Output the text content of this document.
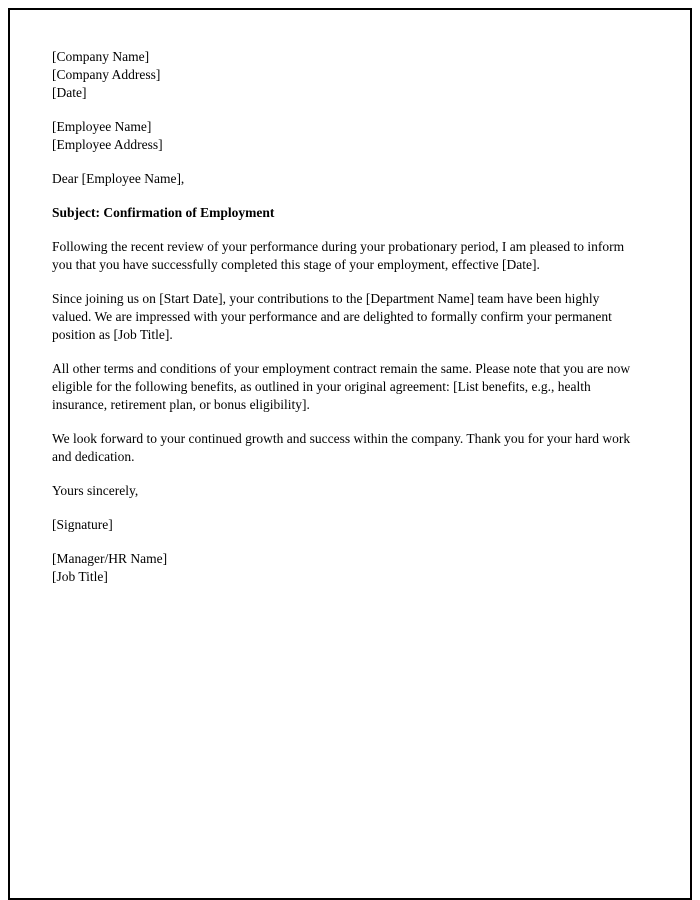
[Company Name]
[Company Address]
[Date]
[Employee Name]
[Employee Address]
Dear [Employee Name],
Subject: Confirmation of Employment

Following the recent review of your performance during your probationary period, I am pleased to inform you that you have successfully completed this stage of your employment, effective [Date].

Since joining us on [Start Date], your contributions to the [Department Name] team have been highly valued. We are impressed with your performance and are delighted to formally confirm your permanent position as [Job Title].

All other terms and conditions of your employment contract remain the same. Please note that you are now eligible for the following benefits, as outlined in your original agreement: [List benefits, e.g., health insurance, retirement plan, or bonus eligibility].

We look forward to your continued growth and success within the company. Thank you for your hard work and dedication.

Yours sincerely,
[Signature]
[Manager/HR Name]
[Job Title]
